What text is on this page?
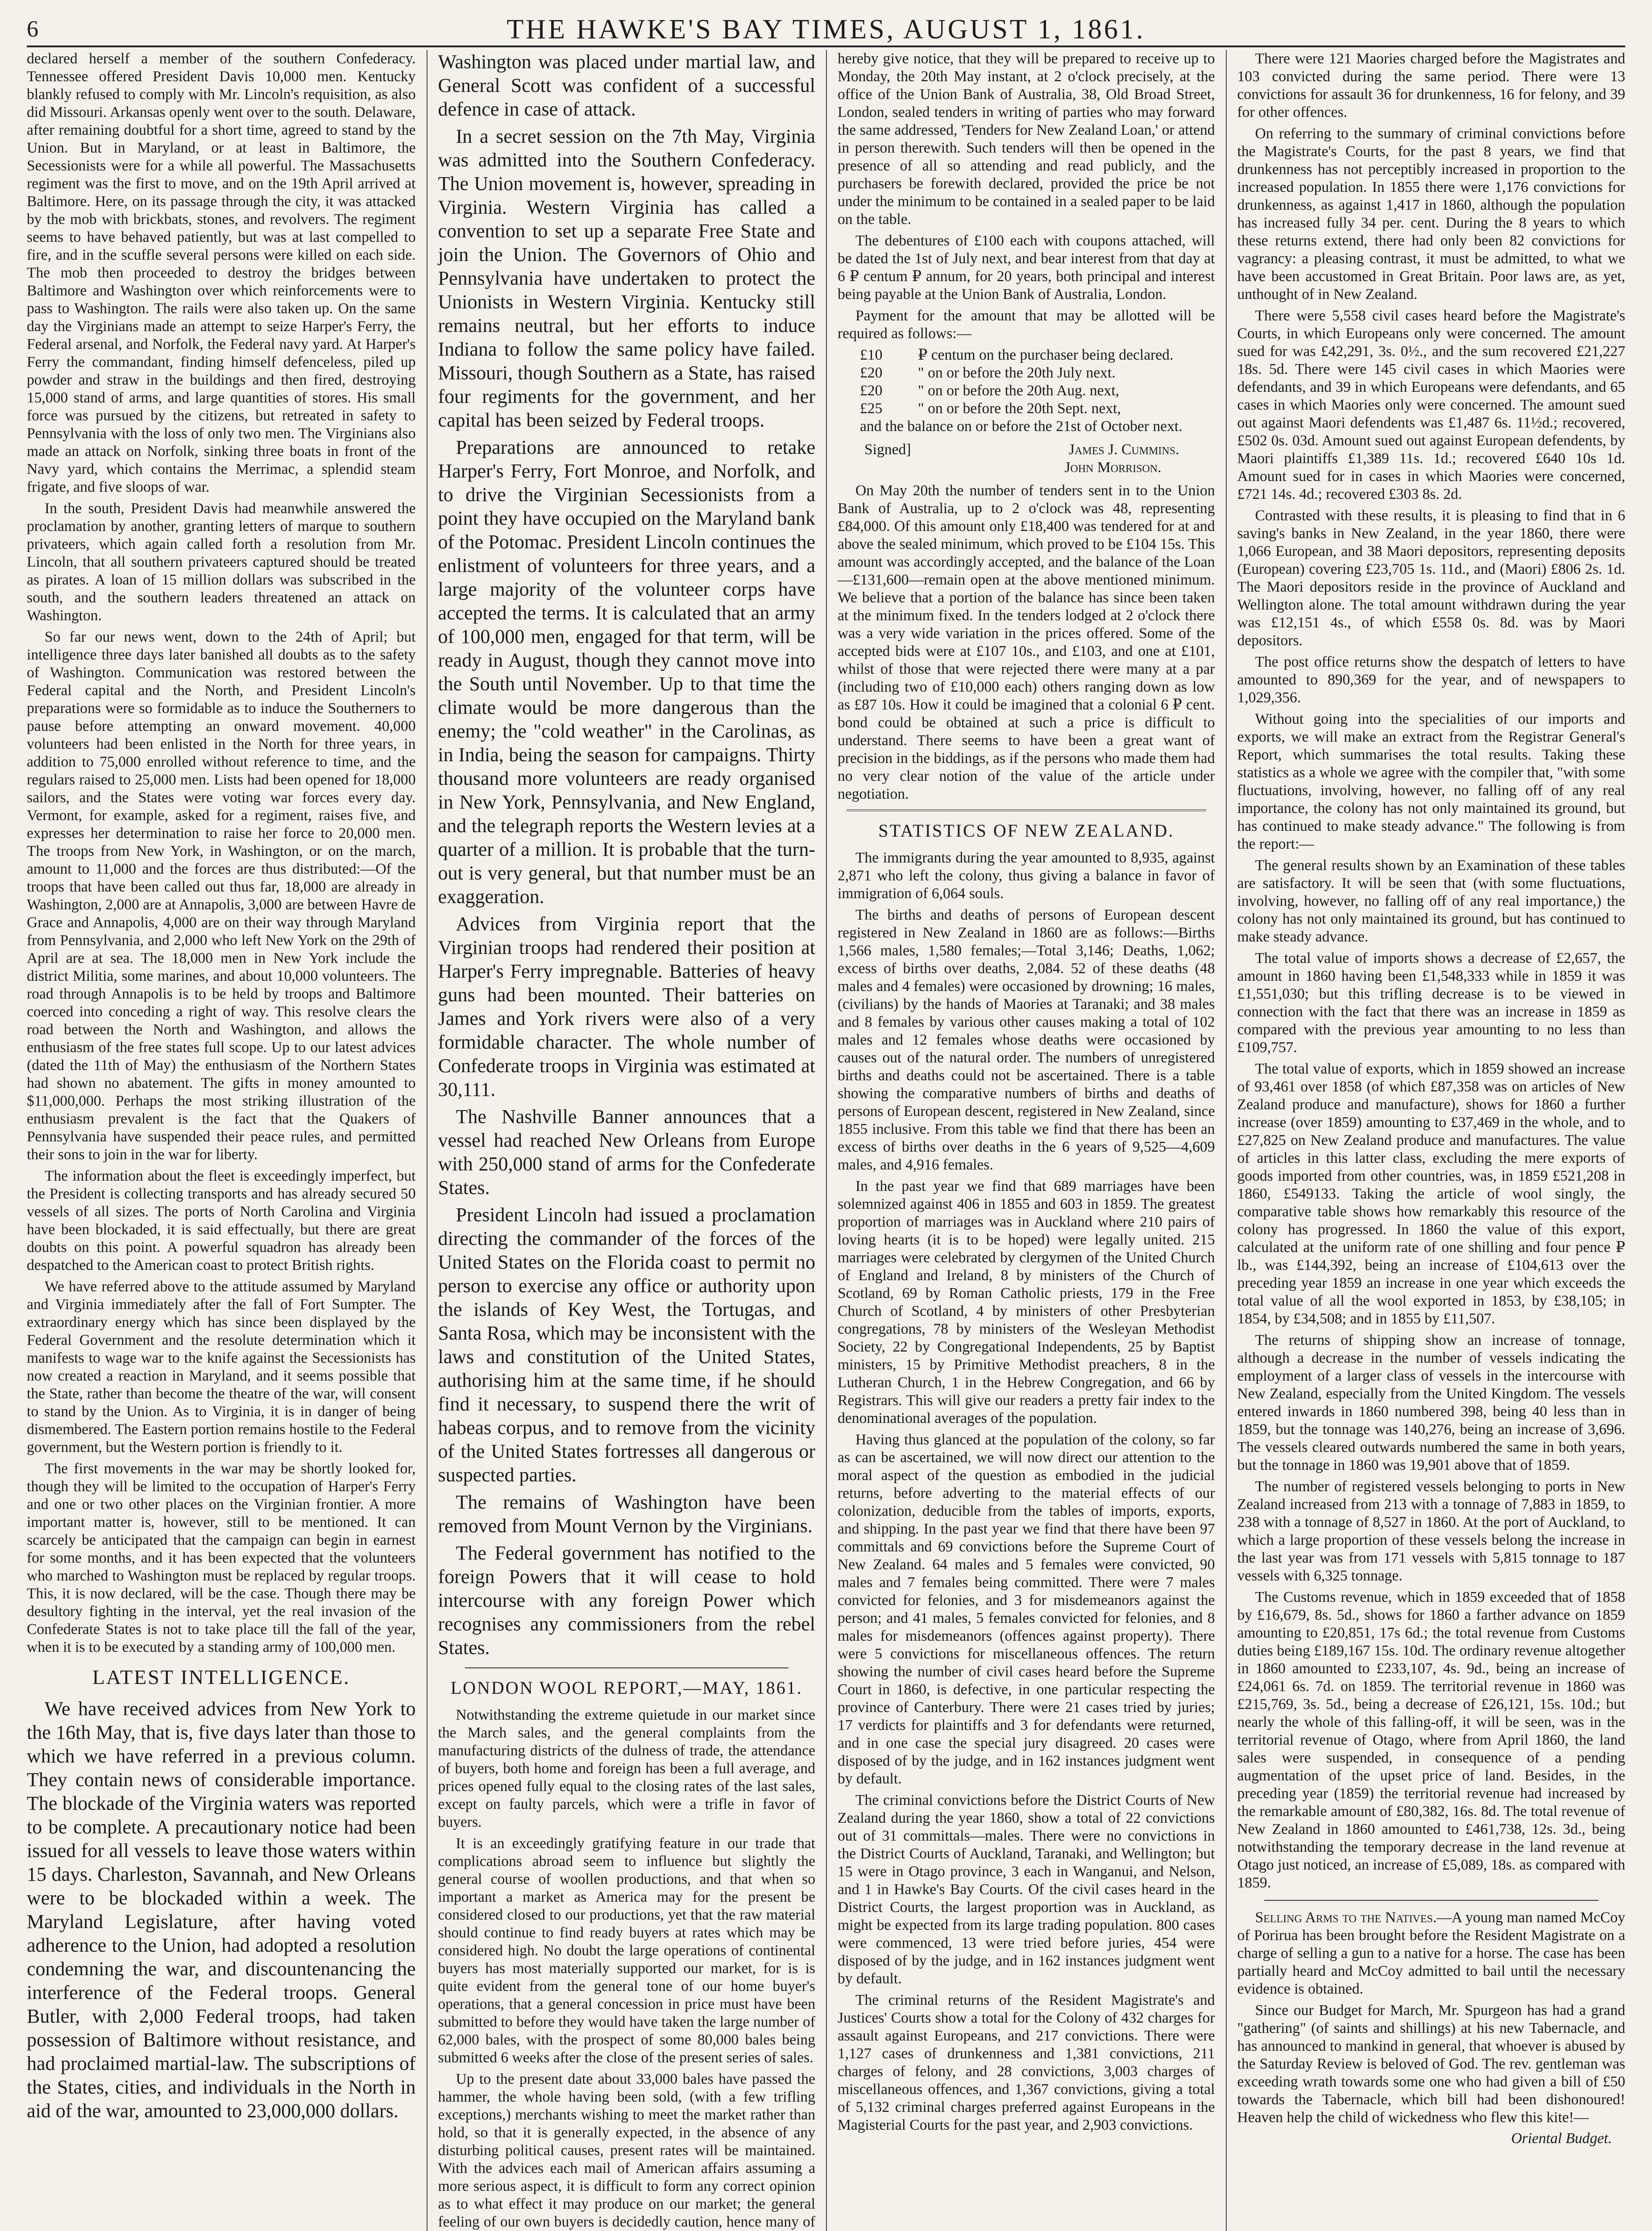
6	THE HAWKE'S BAY TIMES, AUGUST 1, 1861.

declared herself a member of the southern Confederacy. Tennessee offered President Davis 10,000 men. Kentucky blankly refused to comply with Mr. Lincoln's requisition, as also did Missouri. Arkansas openly went over to the south. Delaware, after remaining doubtful for a short time, agreed to stand by the Union. But in Maryland, or at least in Baltimore, the Secessionists were for a while all powerful. The Massachusetts regiment was the first to move, and on the 19th April arrived at Baltimore. Here, on its passage through the city, it was attacked by the mob with brickbats, stones, and revolvers. The regiment seems to have behaved patiently, but was at last compelled to fire, and in the scuffle several persons were killed on each side. The mob then proceeded to destroy the bridges between Baltimore and Washington over which reinforcements were to pass to Washington. The rails were also taken up. On the same day the Virginians made an attempt to seize Harper's Ferry, the Federal arsenal, and Norfolk, the Federal navy yard. At Harper's Ferry the commandant, finding himself defenceless, piled up powder and straw in the buildings and then fired, destroying 15,000 stand of arms, and large quantities of stores. His small force was pursued by the citizens, but retreated in safety to Pennsylvania with the loss of only two men. The Virginians also made an attack on Norfolk, sinking three boats in front of the Navy yard, which contains the Merrimac, a splendid steam frigate, and five sloops of war.

In the south, President Davis had meanwhile answered the proclamation by another, granting letters of marque to southern privateers, which again called forth a resolution from Mr. Lincoln, that all southern privateers captured should be treated as pirates. A loan of 15 million dollars was subscribed in the south, and the southern leaders threatened an attack on Washington.

So far our news went, down to the 24th of April; but intelligence three days later banished all doubts as to the safety of Washington. Communication was restored between the Federal capital and the North, and President Lincoln's preparations were so formidable as to induce the Southerners to pause before attempting an onward movement. 40,000 volunteers had been enlisted in the North for three years, in addition to 75,000 enrolled without reference to time, and the regulars raised to 25,000 men. Lists had been opened for 18,000 sailors, and the States were voting war forces every day. Vermont, for example, asked for a regiment, raises five, and expresses her determination to raise her force to 20,000 men. The troops from New York, in Washington, or on the march, amount to 11,000 and the forces are thus distributed:—Of the troops that have been called out thus far, 18,000 are already in Washington, 2,000 are at Annapolis, 3,000 are between Havre de Grace and Annapolis, 4,000 are on their way through Maryland from Pennsylvania, and 2,000 who left New York on the 29th of April are at sea. The 18,000 men in New York include the district Militia, some marines, and about 10,000 volunteers. The road through Annapolis is to be held by troops and Baltimore coerced into conceding a right of way. This resolve clears the road between the North and Washington, and allows the enthusiasm of the free states full scope. Up to our latest advices (dated the 11th of May) the enthusiasm of the Northern States had shown no abatement. The gifts in money amounted to $11,000,000. Perhaps the most striking illustration of the enthusiasm prevalent is the fact that the Quakers of Pennsylvania have suspended their peace rules, and permitted their sons to join in the war for liberty.

The information about the fleet is exceedingly imperfect, but the President is collecting transports and has already secured 50 vessels of all sizes. The ports of North Carolina and Virginia have been blockaded, it is said effectually, but there are great doubts on this point. A powerful squadron has already been despatched to the American coast to protect British rights.

We have referred above to the attitude assumed by Maryland and Virginia immediately after the fall of Fort Sumpter. The extraordinary energy which has since been displayed by the Federal Government and the resolute determination which it manifests to wage war to the knife against the Secessionists has now created a reaction in Maryland, and it seems possible that the State, rather than become the theatre of the war, will consent to stand by the Union. As to Virginia, it is in danger of being dismembered. The Eastern portion remains hostile to the Federal government, but the Western portion is friendly to it.

The first movements in the war may be shortly looked for, though they will be limited to the occupation of Harper's Ferry and one or two other places on the Virginian frontier. A more important matter is, however, still to be mentioned. It can scarcely be anticipated that the campaign can begin in earnest for some months, and it has been expected that the volunteers who marched to Washington must be replaced by regular troops. This, it is now declared, will be the case. Though there may be desultory fighting in the interval, yet the real invasion of the Confederate States is not to take place till the fall of the year, when it is to be executed by a standing army of 100,000 men.

LATEST INTELLIGENCE.

We have received advices from New York to the 16th May, that is, five days later than those to which we have referred in a previous column. They contain news of considerable importance. The blockade of the Virginia waters was reported to be complete. A precautionary notice had been issued for all vessels to leave those waters within 15 days. Charleston, Savannah, and New Orleans were to be blockaded within a week. The Maryland Legislature, after having voted adherence to the Union, had adopted a resolution condemning the war, and discountenancing the interference of the Federal troops. General Butler, with 2,000 Federal troops, had taken possession of Baltimore without resistance, and had proclaimed martial-law. The subscriptions of the States, cities, and individuals in the North in aid of the war, amounted to 23,000,000 dollars.

Washington was placed under martial law, and General Scott was confident of a successful defence in case of attack.

In a secret session on the 7th May, Virginia was admitted into the Southern Confederacy. The Union movement is, however, spreading in Virginia. Western Virginia has called a convention to set up a separate Free State and join the Union. The Governors of Ohio and Pennsylvania have undertaken to protect the Unionists in Western Virginia. Kentucky still remains neutral, but her efforts to induce Indiana to follow the same policy have failed. Missouri, though Southern as a State, has raised four regiments for the government, and her capital has been seized by Federal troops.

Preparations are announced to retake Harper's Ferry, Fort Monroe, and Norfolk, and to drive the Virginian Secessionists from a point they have occupied on the Maryland bank of the Potomac. President Lincoln continues the enlistment of volunteers for three years, and a large majority of the volunteer corps have accepted the terms. It is calculated that an army of 100,000 men, engaged for that term, will be ready in August, though they cannot move into the South until November. Up to that time the climate would be more dangerous than the enemy; the "cold weather" in the Carolinas, as in India, being the season for campaigns. Thirty thousand more volunteers are ready organised in New York, Pennsylvania, and New England, and the telegraph reports the Western levies at a quarter of a million. It is probable that the turn-out is very general, but that number must be an exaggeration.

Advices from Virginia report that the Virginian troops had rendered their position at Harper's Ferry impregnable. Batteries of heavy guns had been mounted. Their batteries on James and York rivers were also of a very formidable character. The whole number of Confederate troops in Virginia was estimated at 30,111.

The Nashville Banner announces that a vessel had reached New Orleans from Europe with 250,000 stand of arms for the Confederate States.

President Lincoln had issued a proclamation directing the commander of the forces of the United States on the Florida coast to permit no person to exercise any office or authority upon the islands of Key West, the Tortugas, and Santa Rosa, which may be inconsistent with the laws and constitution of the United States, authorising him at the same time, if he should find it necessary, to suspend there the writ of habeas corpus, and to remove from the vicinity of the United States fortresses all dangerous or suspected parties.

The remains of Washington have been removed from Mount Vernon by the Virginians.

The Federal government has notified to the foreign Powers that it will cease to hold intercourse with any foreign Power which recognises any commissioners from the rebel States.

LONDON WOOL REPORT,—MAY, 1861.

Notwithstanding the extreme quietude in our market since the March sales, and the general complaints from the manufacturing districts of the dulness of trade, the attendance of buyers, both home and foreign has been a full average, and prices opened fully equal to the closing rates of the last sales, except on faulty parcels, which were a trifle in favor of buyers.

It is an exceedingly gratifying feature in our trade that complications abroad seem to influence but slightly the general course of woollen productions, and that when so important a market as America may for the present be considered closed to our productions, yet that the raw material should continue to find ready buyers at rates which may be considered high. No doubt the large operations of continental buyers has most materially supported our market, for is is quite evident from the general tone of our home buyer's operations, that a general concession in price must have been submitted to before they would have taken the large number of 62,000 bales, with the prospect of some 80,000 bales being submitted 6 weeks after the close of the present series of sales.

Up to the present date about 33,000 bales have passed the hammer, the whole having been sold, (with a few trifling exceptions,) merchants wishing to meet the market rather than hold, so that it is generally expected, in the absence of any disturbing political causes, present rates will be maintained. With the advices each mail of American affairs assuming a more serious aspect, it is difficult to form any correct opinion as to what effect it may produce on our market; the general feeling of our own buyers is decidedly caution, hence many of

hereby give notice, that they will be prepared to receive up to Monday, the 20th May instant, at 2 o'clock precisely, at the office of the Union Bank of Australia, 38, Old Broad Street, London, sealed tenders in writing of parties who may forward the same addressed, 'Tenders for New Zealand Loan,' or attend in person therewith. Such tenders will then be opened in the presence of all so attending and read publicly, and the purchasers be forewith declared, provided the price be not under the minimum to be contained in a sealed paper to be laid on the table.

The debentures of £100 each with coupons attached, will be dated the 1st of July next, and bear interest from that day at 6 ₽ centum ₽ annum, for 20 years, both principal and interest being payable at the Union Bank of Australia, London.

Payment for the amount that may be allotted will be required as follows:—

£10	₽ centum on the purchaser being declared.
£20	" on or before the 20th July next.
£20	" on or before the 20th Aug. next,
£25	" on or before the 20th Sept. next,
and the balance on or before the 21st of October next.
Signed]	James J. Cummins.
John Morrison.

On May 20th the number of tenders sent in to the Union Bank of Australia, up to 2 o'clock was 48, representing £84,000. Of this amount only £18,400 was tendered for at and above the sealed minimum, which proved to be £104 15s. This amount was accordingly accepted, and the balance of the Loan—£131,600—remain open at the above mentioned minimum. We believe that a portion of the balance has since been taken at the minimum fixed. In the tenders lodged at 2 o'clock there was a very wide variation in the prices offered. Some of the accepted bids were at £107 10s., and £103, and one at £101, whilst of those that were rejected there were many at a par (including two of £10,000 each) others ranging down as low as £87 10s. How it could be imagined that a colonial 6 ₽ cent. bond could be obtained at such a price is difficult to understand. There seems to have been a great want of precision in the biddings, as if the persons who made them had no very clear notion of the value of the article under negotiation.

STATISTICS OF NEW ZEALAND.

The immigrants during the year amounted to 8,935, against 2,871 who left the colony, thus giving a balance in favor of immigration of 6,064 souls.

The births and deaths of persons of European descent registered in New Zealand in 1860 are as follows:—Births 1,566 males, 1,580 females;—Total 3,146; Deaths, 1,062; excess of births over deaths, 2,084. 52 of these deaths (48 males and 4 females) were occasioned by drowning; 16 males, (civilians) by the hands of Maories at Taranaki; and 38 males and 8 females by various other causes making a total of 102 males and 12 females whose deaths were occasioned by causes out of the natural order. The numbers of unregistered births and deaths could not be ascertained. There is a table showing the comparative numbers of births and deaths of persons of European descent, registered in New Zealand, since 1855 inclusive. From this table we find that there has been an excess of births over deaths in the 6 years of 9,525—4,609 males, and 4,916 females.

In the past year we find that 689 marriages have been solemnized against 406 in 1855 and 603 in 1859. The greatest proportion of marriages was in Auckland where 210 pairs of loving hearts (it is to be hoped) were legally united. 215 marriages were celebrated by clergymen of the United Church of England and Ireland, 8 by ministers of the Church of Scotland, 69 by Roman Catholic priests, 179 in the Free Church of Scotland, 4 by ministers of other Presbyterian congregations, 78 by ministers of the Wesleyan Methodist Society, 22 by Congregational Independents, 25 by Baptist ministers, 15 by Primitive Methodist preachers, 8 in the Lutheran Church, 1 in the Hebrew Congregation, and 66 by Registrars. This will give our readers a pretty fair index to the denominational averages of the population.

Having thus glanced at the population of the colony, so far as can be ascertained, we will now direct our attention to the moral aspect of the question as embodied in the judicial returns, before adverting to the material effects of our colonization, deducible from the tables of imports, exports, and shipping. In the past year we find that there have been 97 committals and 69 convictions before the Supreme Court of New Zealand. 64 males and 5 females were convicted, 90 males and 7 females being committed. There were 7 males convicted for felonies, and 3 for misdemeanors against the person; and 41 males, 5 females convicted for felonies, and 8 males for misdemeanors (offences against property). There were 5 convictions for miscellaneous offences. The return showing the number of civil cases heard before the Supreme Court in 1860, is defective, in one particular respecting the province of Canterbury. There were 21 cases tried by juries; 17 verdicts for plaintiffs and 3 for defendants were returned, and in one case the special jury disagreed. 20 cases were disposed of by the judge, and in 162 instances judgment went by default.

The criminal convictions before the District Courts of New Zealand during the year 1860, show a total of 22 convictions out of 31 committals—males. There were no convictions in the District Courts of Auckland, Taranaki, and Wellington; but 15 were in Otago province, 3 each in Wanganui, and Nelson, and 1 in Hawke's Bay Courts. Of the civil cases heard in the District Courts, the largest proportion was in Auckland, as might be expected from its large trading population. 800 cases were commenced, 13 were tried before juries, 454 were disposed of by the judge, and in 162 instances judgment went by default.

The criminal returns of the Resident Magistrate's and Justices' Courts show a total for the Colony of 432 charges for assault against Europeans, and 217 convictions. There were 1,127 cases of drunkenness and 1,381 convictions, 211 charges of felony, and 28 convictions, 3,003 charges of miscellaneous offences, and 1,367 convictions, giving a total of 5,132 criminal charges preferred against Europeans in the Magisterial Courts for the past year, and 2,903 convictions.

There were 121 Maories charged before the Magistrates and 103 convicted during the same period. There were 13 convictions for assault 36 for drunkenness, 16 for felony, and 39 for other offences.

On referring to the summary of criminal convictions before the Magistrate's Courts, for the past 8 years, we find that drunkenness has not perceptibly increased in proportion to the increased population. In 1855 there were 1,176 convictions for drunkenness, as against 1,417 in 1860, although the population has increased fully 34 per. cent. During the 8 years to which these returns extend, there had only been 82 convictions for vagrancy: a pleasing contrast, it must be admitted, to what we have been accustomed in Great Britain. Poor laws are, as yet, unthought of in New Zealand.

There were 5,558 civil cases heard before the Magistrate's Courts, in which Europeans only were concerned. The amount sued for was £42,291, 3s. 0½., and the sum recovered £21,227 18s. 5d. There were 145 civil cases in which Maories were defendants, and 39 in which Europeans were defendants, and 65 cases in which Maories only were concerned. The amount sued out against Maori defendents was £1,487 6s. 11½d.; recovered, £502 0s. 03d. Amount sued out against European defendents, by Maori plaintiffs £1,389 11s. 1d.; recovered £640 10s 1d. Amount sued for in cases in which Maories were concerned, £721 14s. 4d.; recovered £303 8s. 2d.

Contrasted with these results, it is pleasing to find that in 6 saving's banks in New Zealand, in the year 1860, there were 1,066 European, and 38 Maori depositors, representing deposits (European) covering £23,705 1s. 11d., and (Maori) £806 2s. 1d. The Maori depositors reside in the province of Auckland and Wellington alone. The total amount withdrawn during the year was £12,151 4s., of which £558 0s. 8d. was by Maori depositors.

The post office returns show the despatch of letters to have amounted to 890,369 for the year, and of newspapers to 1,029,356.

Without going into the specialities of our imports and exports, we will make an extract from the Registrar General's Report, which summarises the total results. Taking these statistics as a whole we agree with the compiler that, "with some fluctuations, involving, however, no falling off of any real importance, the colony has not only maintained its ground, but has continued to make steady advance." The following is from the report:—

The general results shown by an Examination of these tables are satisfactory. It will be seen that (with some fluctuations, involving, however, no falling off of any real importance,) the colony has not only maintained its ground, but has continued to make steady advance.

The total value of imports shows a decrease of £2,657, the amount in 1860 having been £1,548,333 while in 1859 it was £1,551,030; but this trifling decrease is to be viewed in connection with the fact that there was an increase in 1859 as compared with the previous year amounting to no less than £109,757.

The total value of exports, which in 1859 showed an increase of 93,461 over 1858 (of which £87,358 was on articles of New Zealand produce and manufacture), shows for 1860 a further increase (over 1859) amounting to £37,469 in the whole, and to £27,825 on New Zealand produce and manufactures. The value of articles in this latter class, excluding the mere exports of goods imported from other countries, was, in 1859 £521,208 in 1860, £549133. Taking the article of wool singly, the comparative table shows how remarkably this resource of the colony has progressed. In 1860 the value of this export, calculated at the uniform rate of one shilling and four pence ₽ lb., was £144,392, being an increase of £104,613 over the preceding year 1859 an increase in one year which exceeds the total value of all the wool exported in 1853, by £38,105; in 1854, by £34,508; and in 1855 by £11,507.

The returns of shipping show an increase of tonnage, although a decrease in the number of vessels indicating the employment of a larger class of vessels in the intercourse with New Zealand, especially from the United Kingdom. The vessels entered inwards in 1860 numbered 398, being 40 less than in 1859, but the tonnage was 140,276, being an increase of 3,696. The vessels cleared outwards numbered the same in both years, but the tonnage in 1860 was 19,901 above that of 1859.

The number of registered vessels belonging to ports in New Zealand increased from 213 with a tonnage of 7,883 in 1859, to 238 with a tonnage of 8,527 in 1860. At the port of Auckland, to which a large proportion of these vessels belong the increase in the last year was from 171 vessels with 5,815 tonnage to 187 vessels with 6,325 tonnage.

The Customs revenue, which in 1859 exceeded that of 1858 by £16,679, 8s. 5d., shows for 1860 a farther advance on 1859 amounting to £20,851, 17s 6d.; the total revenue from Customs duties being £189,167 15s. 10d. The ordinary revenue altogether in 1860 amounted to £233,107, 4s. 9d., being an increase of £24,061 6s. 7d. on 1859. The territorial revenue in 1860 was £215,769, 3s. 5d., being a decrease of £26,121, 15s. 10d.; but nearly the whole of this falling-off, it will be seen, was in the territorial revenue of Otago, where from April 1860, the land sales were suspended, in consequence of a pending augmentation of the upset price of land. Besides, in the preceding year (1859) the territorial revenue had increased by the remarkable amount of £80,382, 16s. 8d. The total revenue of New Zealand in 1860 amounted to £461,738, 12s. 3d., being notwithstanding the temporary decrease in the land revenue at Otago just noticed, an increase of £5,089, 18s. as compared with 1859.

Selling Arms to the Natives.—A young man named McCoy of Porirua has been brought before the Resident Magistrate on a charge of selling a gun to a native for a horse. The case has been partially heard and McCoy admitted to bail until the necessary evidence is obtained.

Since our Budget for March, Mr. Spurgeon has had a grand "gathering" (of saints and shillings) at his new Tabernacle, and has announced to mankind in general, that whoever is abused by the Saturday Review is beloved of God. The rev. gentleman was exceeding wrath towards some one who had given a bill of £50 towards the Tabernacle, which bill had been dishonoured! Heaven help the child of wickedness who flew this kite!—

Oriental Budget.
